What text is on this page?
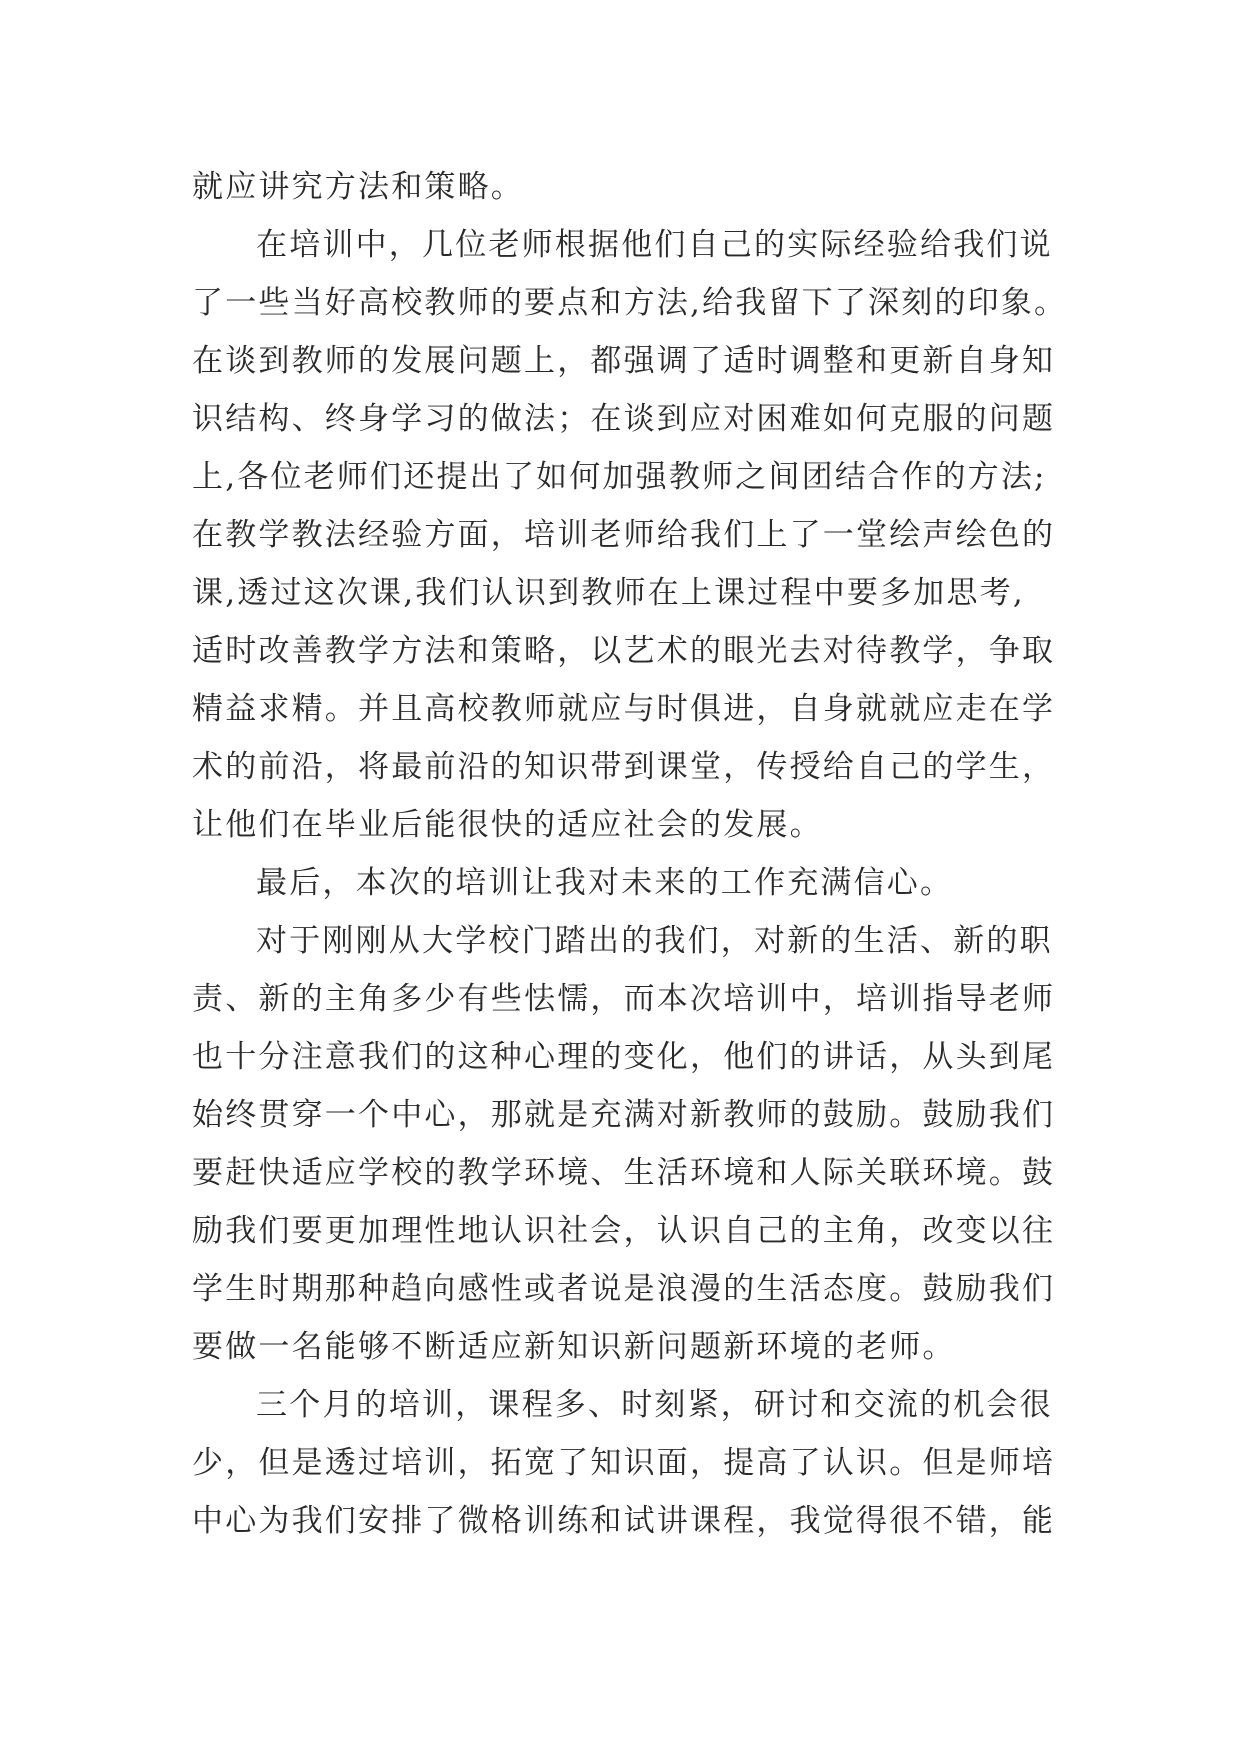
就应讲究方法和策略。
在培训中，几位老师根据他们自己的实际经验给我们说
了一些当好高校教师的要点和方法,给我留下了深刻的印象。
在谈到教师的发展问题上，都强调了适时调整和更新自身知
识结构、终身学习的做法；在谈到应对困难如何克服的问题
上,各位老师们还提出了如何加强教师之间团结合作的方法;
在教学教法经验方面，培训老师给我们上了一堂绘声绘色的
课,透过这次课,我们认识到教师在上课过程中要多加思考,
适时改善教学方法和策略，以艺术的眼光去对待教学，争取
精益求精。并且高校教师就应与时俱进，自身就就应走在学
术的前沿，将最前沿的知识带到课堂，传授给自己的学生，
让他们在毕业后能很快的适应社会的发展。
最后，本次的培训让我对未来的工作充满信心。
对于刚刚从大学校门踏出的我们，对新的生活、新的职
责、新的主角多少有些怯懦，而本次培训中，培训指导老师
也十分注意我们的这种心理的变化，他们的讲话，从头到尾
始终贯穿一个中心，那就是充满对新教师的鼓励。鼓励我们
要赶快适应学校的教学环境、生活环境和人际关联环境。鼓
励我们要更加理性地认识社会，认识自己的主角，改变以往
学生时期那种趋向感性或者说是浪漫的生活态度。鼓励我们
要做一名能够不断适应新知识新问题新环境的老师。
三个月的培训，课程多、时刻紧，研讨和交流的机会很
少，但是透过培训，拓宽了知识面，提高了认识。但是师培
中心为我们安排了微格训练和试讲课程，我觉得很不错，能
